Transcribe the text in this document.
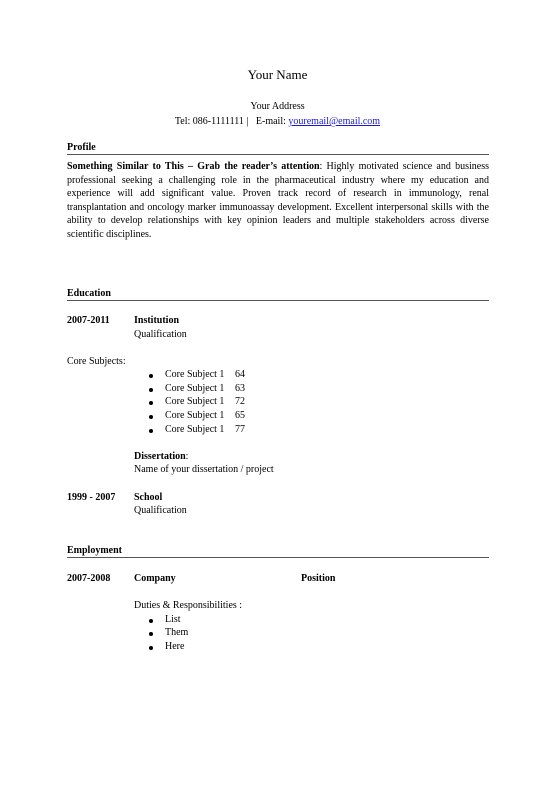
Your Name
Your Address
Tel: 086-1111111 | E-mail: youremail@email.com
Profile
Something Similar to This – Grab the reader’s attention: Highly motivated science and business professional seeking a challenging role in the pharmaceutical industry where my education and experience will add significant value. Proven track record of research in immunology, renal transplantation and oncology marker immunoassay development. Excellent interpersonal skills with the ability to develop relationships with key opinion leaders and multiple stakeholders across diverse scientific disciplines.
Education
2007-2011 Institution
Qualification
Core Subjects:
Core Subject 1 64
Core Subject 1 63
Core Subject 1 72
Core Subject 1 65
Core Subject 1 77
Dissertation:
Name of your dissertation / project
1999 - 2007 School
Qualification
Employment
2007-2008 Company	Position
Duties & Responsibilities :
List
Them
Here
